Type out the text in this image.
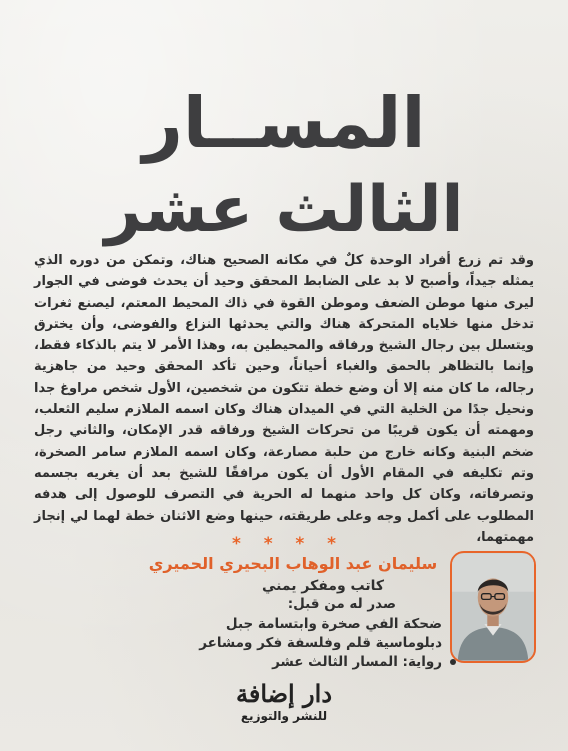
المســار
الثالث عشر

وقد تم زرع أفراد الوحدة كلٌ في مكانه الصحيح هناك، وتمكن من دوره الذي يمثله جيداً، وأصبح لا بد على الضابط المحقق وحيد أن يحدث فوضى في الجوار ليرى منها موطن الضعف وموطن القوة في ذاك المحيط المعتم، ليصنع ثغرات تدخل منها خلاياه المتحركة هناك والتي يحدثها النزاع والفوضى، وأن يخترق ويتسلل بين رجال الشيخ ورفاقه والمحيطين به، وهذا الأمر لا يتم بالذكاء فقط، وإنما بالتظاهر بالحمق والغباء أحياناً، وحين تأكد المحقق وحيد من جاهزية رجاله، ما كان منه إلا أن وضع خطة تتكون من شخصين، الأول شخص مراوغ جدا ونحيل جدًا من الخلية التي في الميدان هناك وكان اسمه الملازم سليم الثعلب، ومهمته أن يكون قريبًا من تحركات الشيخ ورفاقه قدر الإمكان، والثاني رجل ضخم البنية وكانه خارج من حلبة مصارعة، وكان اسمه الملازم سامر الصخرة، وتم تكليفه في المقام الأول أن يكون مرافقًا للشيخ بعد أن يغريه بجسمه وتصرفاته، وكان كل واحد منهما له الحرية في التصرف للوصول إلى هدفه المطلوب على أكمل وجه وعلى طريقته، حينها وضع الاثنان خطة لهما لي إنجاز مهمتهما،

* * * *

سليمان عبد الوهاب البحيري الحميري

كاتب ومفكر يمني

صدر له من قبل:

ضحكة الفي صخرة وابتسامة جبل
دبلوماسية قلم وفلسفة فكر ومشاعر
رواية: المسار الثالث عشر

دار إضافة

للنشر والتوزيع
